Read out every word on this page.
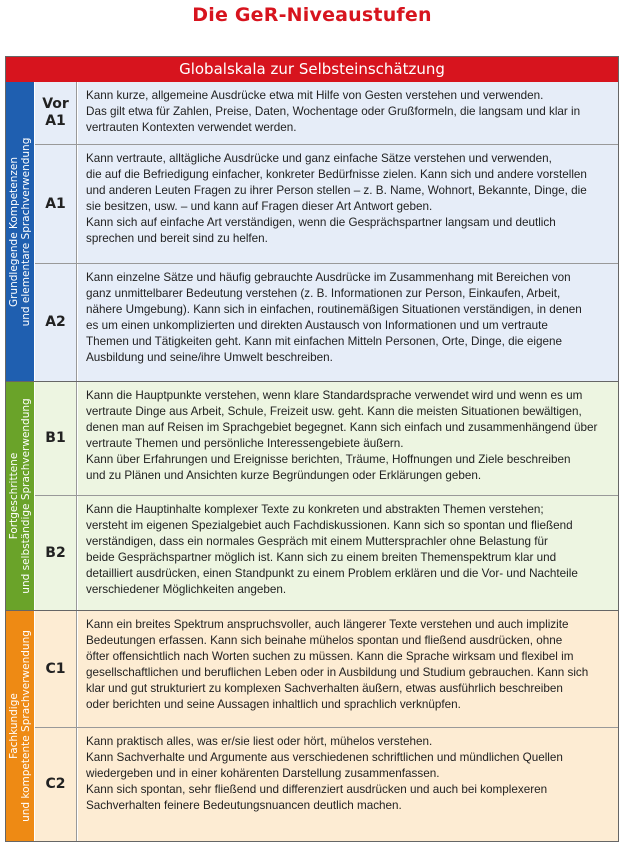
Die GeR-Niveaustufen
Globalskala zur Selbsteinschätzung
Grundlegende Kompetenzen und elementare Sprachverwendung
Fortgeschrittene und selbständige Sprachverwendung
Fachkundige und kompetente Sprachverwendung
Vor
A1
Kann kurze, allgemeine Ausdrücke etwa mit Hilfe von Gesten verstehen und verwenden.
Das gilt etwa für Zahlen, Preise, Daten, Wochentage oder Grußformeln, die langsam und klar in
vertrauten Kontexten verwendet werden.
A1
Kann vertraute, alltägliche Ausdrücke und ganz einfache Sätze verstehen und verwenden,
die auf die Befriedigung einfacher, konkreter Bedürfnisse zielen. Kann sich und andere vorstellen
und anderen Leuten Fragen zu ihrer Person stellen – z. B. Name, Wohnort, Bekannte, Dinge, die
sie besitzen, usw. – und kann auf Fragen dieser Art Antwort geben.
Kann sich auf einfache Art verständigen, wenn die Gesprächspartner langsam und deutlich
sprechen und bereit sind zu helfen.
A2
Kann einzelne Sätze und häufig gebrauchte Ausdrücke im Zusammenhang mit Bereichen von
ganz unmittelbarer Bedeutung verstehen (z. B. Informationen zur Person, Einkaufen, Arbeit,
nähere Umgebung). Kann sich in einfachen, routinemäßigen Situationen verständigen, in denen
es um einen unkomplizierten und direkten Austausch von Informationen und um vertraute
Themen und Tätigkeiten geht. Kann mit einfachen Mitteln Personen, Orte, Dinge, die eigene
Ausbildung und seine/ihre Umwelt beschreiben.
B1
Kann die Hauptpunkte verstehen, wenn klare Standardsprache verwendet wird und wenn es um
vertraute Dinge aus Arbeit, Schule, Freizeit usw. geht. Kann die meisten Situationen bewältigen,
denen man auf Reisen im Sprachgebiet begegnet. Kann sich einfach und zusammenhängend über
vertraute Themen und persönliche Interessengebiete äußern.
Kann über Erfahrungen und Ereignisse berichten, Träume, Hoffnungen und Ziele beschreiben
und zu Plänen und Ansichten kurze Begründungen oder Erklärungen geben.
B2
Kann die Hauptinhalte komplexer Texte zu konkreten und abstrakten Themen verstehen;
versteht im eigenen Spezialgebiet auch Fachdiskussionen. Kann sich so spontan und fließend
verständigen, dass ein normales Gespräch mit einem Muttersprachler ohne Belastung für
beide Gesprächspartner möglich ist. Kann sich zu einem breiten Themenspektrum klar und
detailliert ausdrücken, einen Standpunkt zu einem Problem erklären und die Vor- und Nachteile
verschiedener Möglichkeiten angeben.
C1
Kann ein breites Spektrum anspruchsvoller, auch längerer Texte verstehen und auch implizite
Bedeutungen erfassen. Kann sich beinahe mühelos spontan und fließend ausdrücken, ohne
öfter offensichtlich nach Worten suchen zu müssen. Kann die Sprache wirksam und flexibel im
gesellschaftlichen und beruflichen Leben oder in Ausbildung und Studium gebrauchen. Kann sich
klar und gut strukturiert zu komplexen Sachverhalten äußern, etwas ausführlich beschreiben
oder berichten und seine Aussagen inhaltlich und sprachlich verknüpfen.
C2
Kann praktisch alles, was er/sie liest oder hört, mühelos verstehen.
Kann Sachverhalte und Argumente aus verschiedenen schriftlichen und mündlichen Quellen
wiedergeben und in einer kohärenten Darstellung zusammenfassen.
Kann sich spontan, sehr fließend und differenziert ausdrücken und auch bei komplexeren
Sachverhalten feinere Bedeutungsnuancen deutlich machen.
